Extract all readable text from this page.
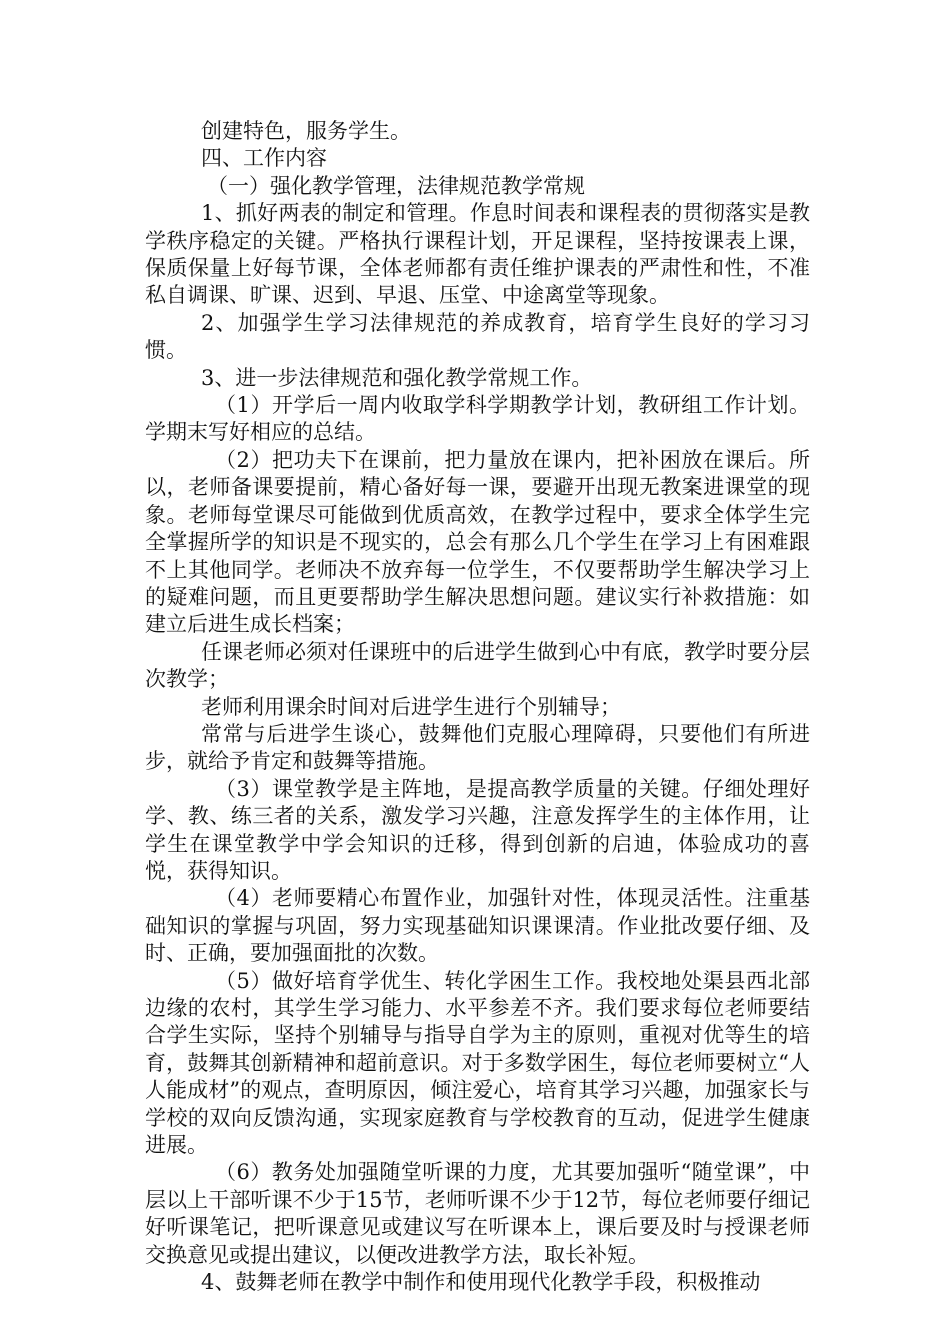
创建特色，服务学生。

四、工作内容

（一）强化教学管理，法律规范教学常规

1、抓好两表的制定和管理。作息时间表和课程表的贯彻落实是教学秩序稳定的关键。严格执行课程计划，开足课程，坚持按课表上课，保质保量上好每节课，全体老师都有责任维护课表的严肃性和性，不准私自调课、旷课、迟到、早退、压堂、中途离堂等现象。

2、加强学生学习法律规范的养成教育，培育学生良好的学习习惯。

3、进一步法律规范和强化教学常规工作。

（1）开学后一周内收取学科学期教学计划，教研组工作计划。学期末写好相应的总结。

（2）把功夫下在课前，把力量放在课内，把补困放在课后。所以，老师备课要提前，精心备好每一课，要避开出现无教案进课堂的现象。老师每堂课尽可能做到优质高效，在教学过程中，要求全体学生完全掌握所学的知识是不现实的，总会有那么几个学生在学习上有困难跟不上其他同学。老师决不放弃每一位学生，不仅要帮助学生解决学习上的疑难问题，而且更要帮助学生解决思想问题。建议实行补救措施：如建立后进生成长档案；

任课老师必须对任课班中的后进学生做到心中有底，教学时要分层次教学；

老师利用课余时间对后进学生进行个别辅导；

常常与后进学生谈心，鼓舞他们克服心理障碍，只要他们有所进步，就给予肯定和鼓舞等措施。

（3）课堂教学是主阵地，是提高教学质量的关键。仔细处理好学、教、练三者的关系，激发学习兴趣，注意发挥学生的主体作用，让学生在课堂教学中学会知识的迁移，得到创新的启迪，体验成功的喜悦，获得知识。

（4）老师要精心布置作业，加强针对性，体现灵活性。注重基础知识的掌握与巩固，努力实现基础知识课课清。作业批改要仔细、及时、正确，要加强面批的次数。

（5）做好培育学优生、转化学困生工作。我校地处渠县西北部边缘的农村，其学生学习能力、水平参差不齐。我们要求每位老师要结合学生实际，坚持个别辅导与指导自学为主的原则，重视对优等生的培育，鼓舞其创新精神和超前意识。对于多数学困生，每位老师要树立“人人能成材”的观点，查明原因，倾注爱心，培育其学习兴趣，加强家长与学校的双向反馈沟通，实现家庭教育与学校教育的互动，促进学生健康进展。

（6）教务处加强随堂听课的力度，尤其要加强听“随堂课”，中层以上干部听课不少于15节，老师听课不少于12节，每位老师要仔细记好听课笔记，把听课意见或建议写在听课本上，课后要及时与授课老师交换意见或提出建议，以便改进教学方法，取长补短。

4、鼓舞老师在教学中制作和使用现代化教学手段，积极推动
